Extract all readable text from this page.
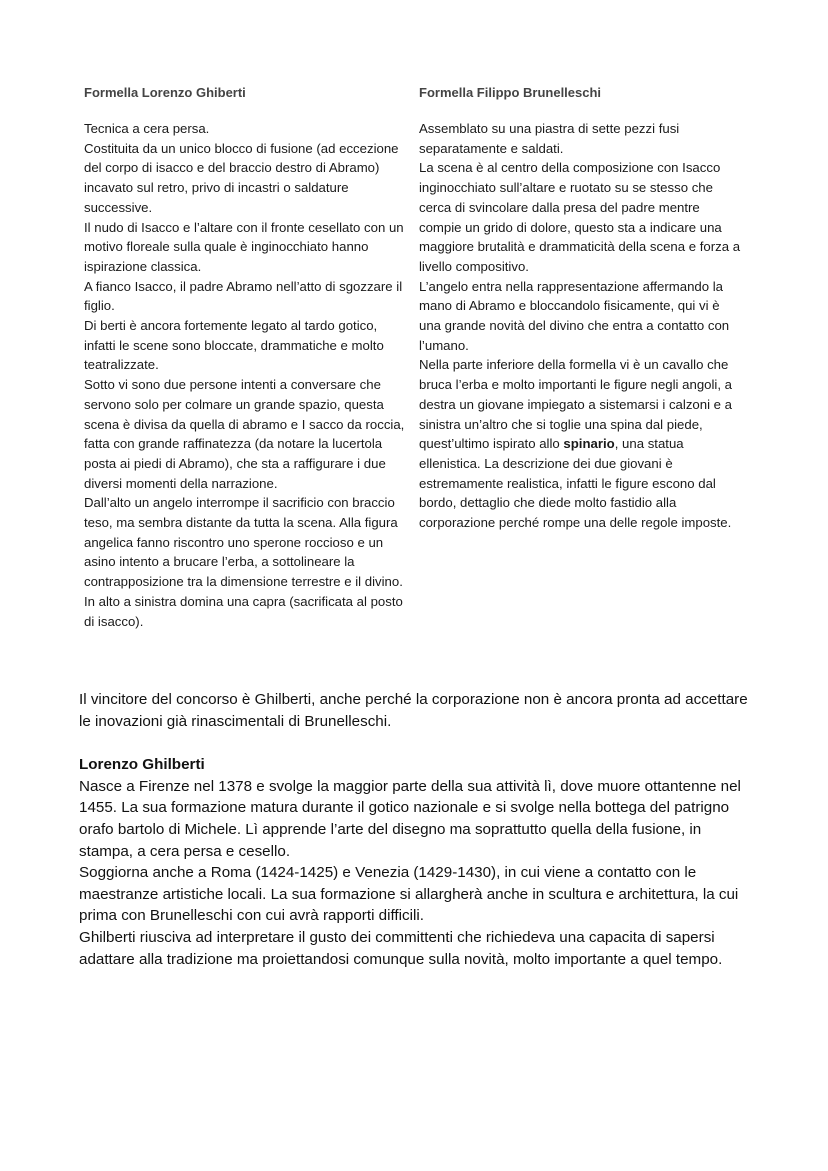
Formella Lorenzo Ghiberti

Tecnica a cera persa.

Costituita da un unico blocco di fusione (ad eccezione del corpo di isacco e del braccio destro di Abramo) incavato sul retro, privo di incastri o saldature successive.

Il nudo di Isacco e l’altare con il fronte cesellato con un motivo floreale sulla quale è inginocchiato hanno ispirazione classica.

A fianco Isacco, il padre Abramo nell’atto di sgozzare il figlio.

Di berti è ancora fortemente legato al tardo gotico, infatti le scene sono bloccate, drammatiche e molto teatralizzate.

Sotto vi sono due persone intenti a conversare che servono solo per colmare un grande spazio, questa scena è divisa da quella di abramo e I sacco da roccia, fatta con grande raffinatezza (da notare la lucertola posta ai piedi di Abramo), che sta a raffigurare i due diversi momenti della narrazione.

Dall’alto un angelo interrompe il sacrificio con braccio teso, ma sembra distante da tutta la scena. Alla figura angelica fanno riscontro uno sperone roccioso e un asino intento a brucare l’erba, a sottolineare la contrapposizione tra la dimensione terrestre e il divino.

In alto a sinistra domina una capra (sacrificata al posto di isacco).

Formella Filippo Brunelleschi

Assemblato su una piastra di sette pezzi fusi separatamente e saldati.

La scena è al centro della composizione con Isacco inginocchiato sull’altare e ruotato su se stesso che cerca di svincolare dalla presa del padre mentre compie un grido di dolore, questo sta a indicare una maggiore brutalità e drammaticità della scena e forza a livello compositivo.

L’angelo entra nella rappresentazione affermando la mano di Abramo e bloccandolo fisicamente, qui vi è una grande novità del divino che entra a contatto con l’umano.

Nella parte inferiore della formella vi è un cavallo che bruca l’erba e molto importanti le figure negli angoli, a destra un giovane impiegato a sistemarsi i calzoni e a sinistra un’altro che si toglie una spina dal piede, quest’ultimo ispirato allo spinario, una statua ellenistica. La descrizione dei due giovani è estremamente realistica, infatti le figure escono dal bordo, dettaglio che diede molto fastidio alla corporazione perché rompe una delle regole imposte.

Il vincitore del concorso è Ghilberti, anche perché la corporazione non è ancora pronta ad accettare le inovazioni già rinascimentali di Brunelleschi.

Lorenzo Ghilberti

Nasce a Firenze nel 1378 e svolge la maggior parte della sua attività lì, dove muore ottantenne nel 1455. La sua formazione matura durante il gotico nazionale e si svolge nella bottega del patrigno orafo bartolo di Michele. Lì apprende l’arte del disegno ma soprattutto quella della fusione, in stampa, a cera persa e cesello.

Soggiorna anche a Roma (1424-1425) e Venezia (1429-1430), in cui viene a contatto con le maestranze artistiche locali. La sua formazione si allargherà anche in scultura e architettura, la cui prima con Brunelleschi con cui avrà rapporti difficili.

Ghilberti riusciva ad interpretare il gusto dei committenti che richiedeva una capacita di sapersi adattare alla tradizione ma proiettandosi comunque sulla novità, molto importante a quel tempo.
